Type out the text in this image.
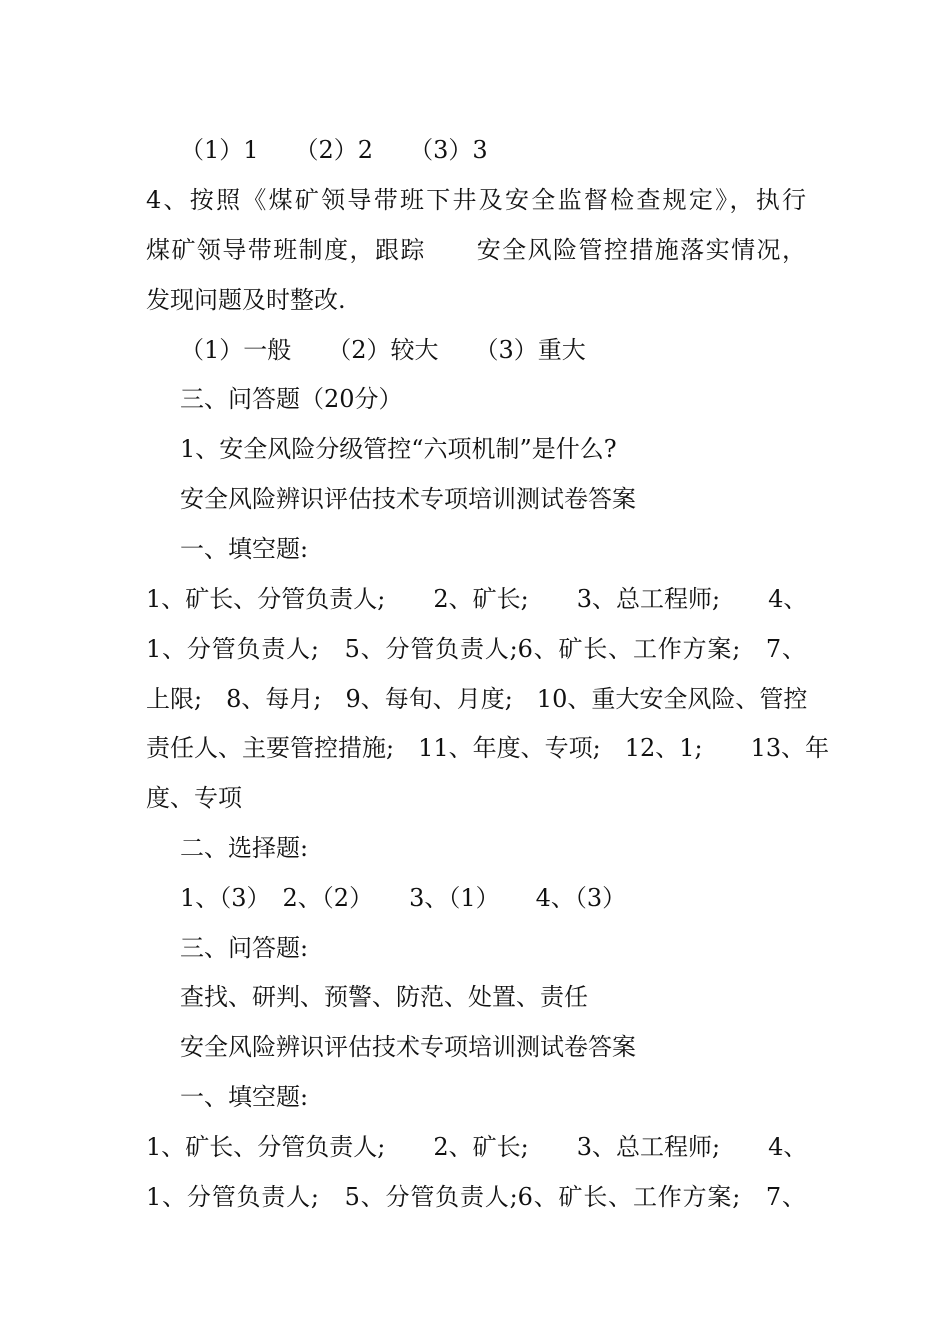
（1）1　　（2）2　　（3）3
4、按照《煤矿领导带班下井及安全监督检查规定》，执行
煤矿领导带班制度，跟踪　　安全风险管控措施落实情况，
发现问题及时整改.
（1）一般　　（2）较大　　（3）重大
三、问答题（20分）
1、安全风险分级管控“六项机制”是什么?
安全风险辨识评估技术专项培训测试卷答案
一、填空题:
1、矿长、分管负责人;　　2、矿长;　　3、总工程师;　　4、
1、分管负责人;　5、分管负责人;6、矿长、工作方案;　7、
上限;　8、每月;　9、每旬、月度;　10、重大安全风险、管控
责任人、主要管控措施;　11、年度、专项;　12、1;　　13、年
度、专项
二、选择题:
1、（3）　2、（2）　　3、（1）　　4、（3）
三、问答题:
查找、研判、预警、防范、处置、责任
安全风险辨识评估技术专项培训测试卷答案
一、填空题:
1、矿长、分管负责人;　　2、矿长;　　3、总工程师;　　4、
1、分管负责人;　5、分管负责人;6、矿长、工作方案;　7、
